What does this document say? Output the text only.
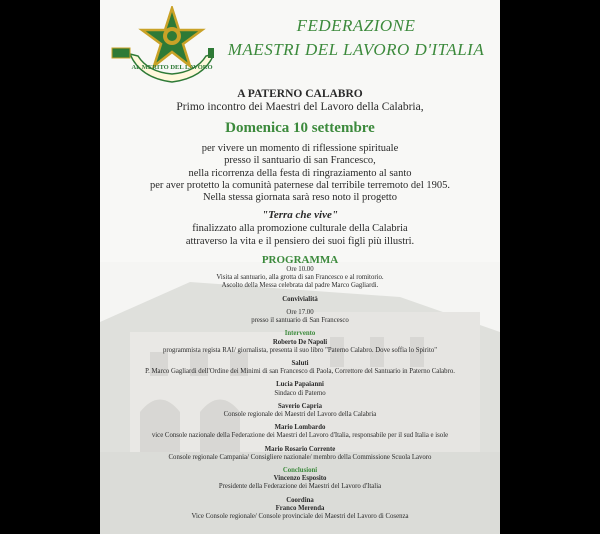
AL MERITO DEL LAVORO
FEDERAZIONE
MAESTRI DEL LAVORO D'ITALIA
A PATERNO CALABRO
Primo incontro dei Maestri del Lavoro della Calabria,
Domenica 10 settembre
per vivere un momento di riflessione spirituale
presso il santuario di san Francesco,
nella ricorrenza della festa di ringraziamento al santo
per aver protetto la comunità paternese dal terribile terremoto del 1905.
Nella stessa giornata sarà reso noto il progetto
"Terra che vive"
finalizzato alla promozione culturale della Calabria
attraverso la vita e il pensiero dei suoi figli più illustri.
PROGRAMMA
Ore 10.00
Visita al santuario, alla grotta di san Francesco e al romitorio.
Ascolto della Messa celebrata dal padre Marco Gagliardi.
Convivialità
Ore 17.00
presso il santuario di San Francesco
Intervento
Roberto De Napoli
programmista regista RAI/ giornalista, presenta il suo libro "Paterno Calabro. Dove soffia lo Spirito"
Saluti
P. Marco Gagliardi dell'Ordine dei Minimi di san Francesco di Paola, Correttore del Santuario in Paterno Calabro.
Lucia Papaianni
Sindaco di Paterno
Saverio Capria
Console regionale dei Maestri del Lavoro della Calabria
Mario Lombardo
vice Console nazionale della Federazione dei Maestri del Lavoro d'Italia, responsabile per il sud Italia e isole
Mario Rosario Corrente
Console regionale Campania/ Consigliere nazionale/ membro della Commissione Scuola Lavoro
Conclusioni
Vincenzo Esposito
Presidente della Federazione dei Maestri del Lavoro d'Italia
Coordina
Franco Merenda
Vice Console regionale/ Console provinciale dei Maestri del Lavoro di Cosenza
